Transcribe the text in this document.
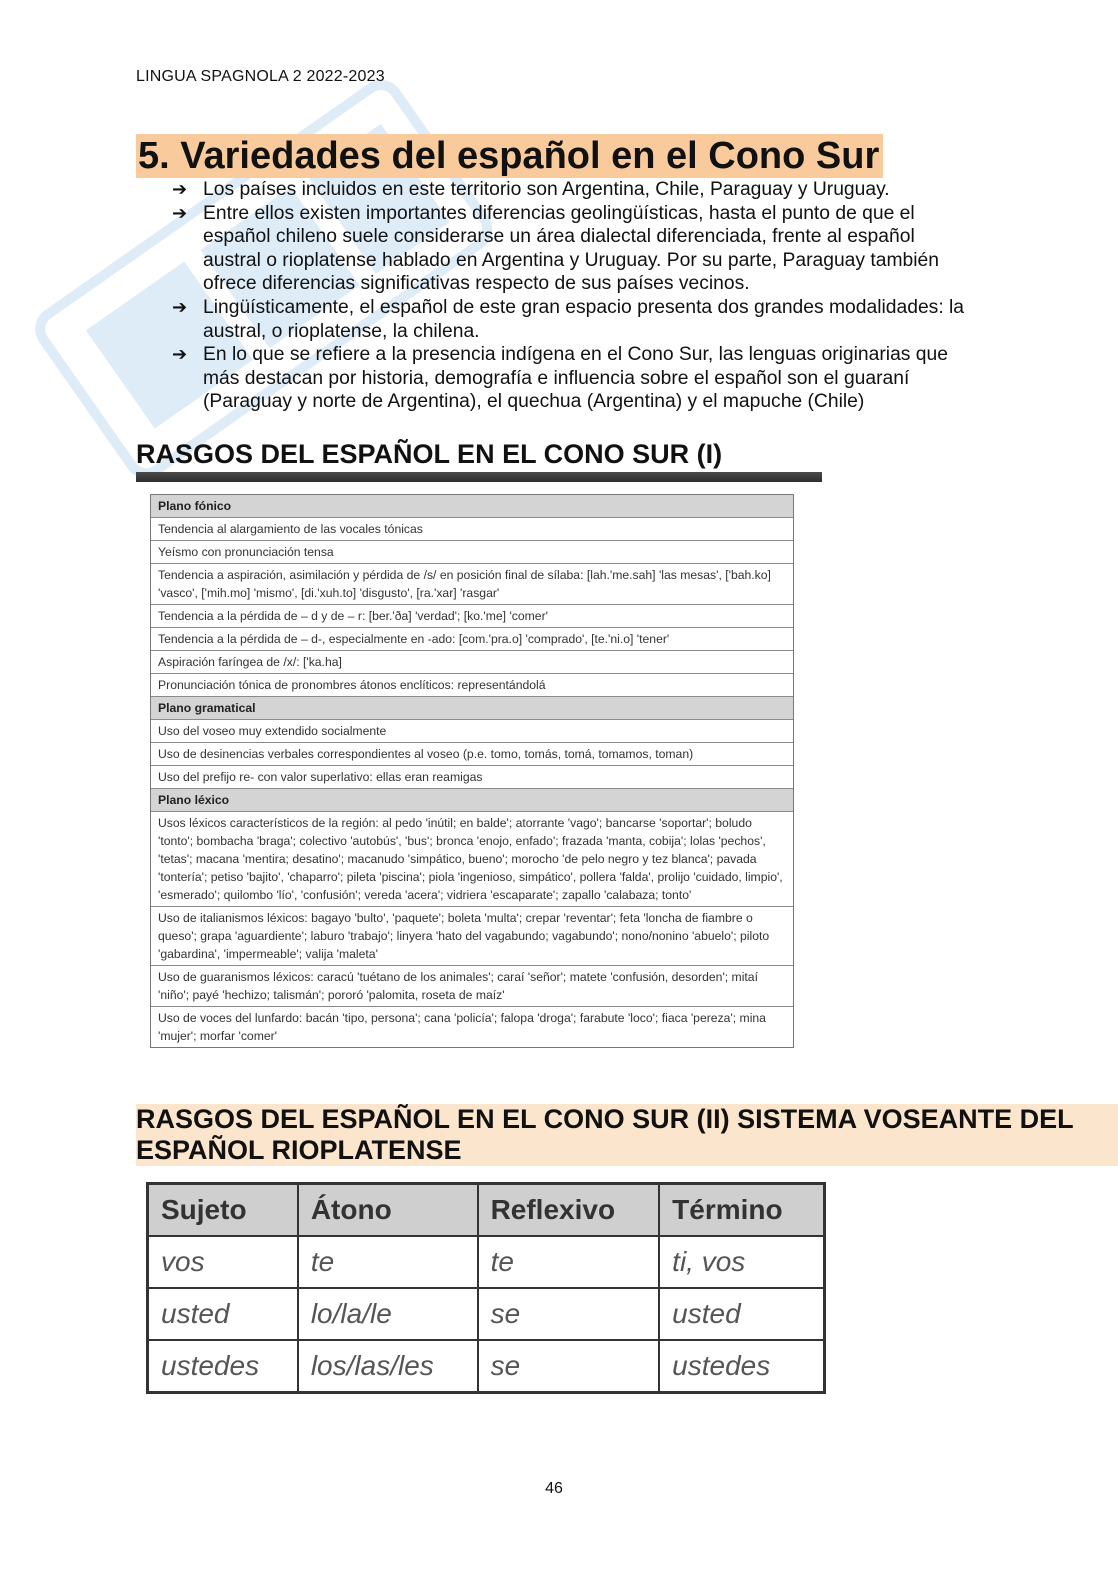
LINGUA SPAGNOLA 2 2022-2023
5. Variedades del español en el Cono Sur
➔ Los países incluidos en este territorio son Argentina, Chile, Paraguay y Uruguay.
➔ Entre ellos existen importantes diferencias geolingüísticas, hasta el punto de que el español chileno suele considerarse un área dialectal diferenciada, frente al español austral o rioplatense hablado en Argentina y Uruguay. Por su parte, Paraguay también ofrece diferencias significativas respecto de sus países vecinos.
➔ Lingüísticamente, el español de este gran espacio presenta dos grandes modalidades: la austral, o rioplatense, la chilena.
➔ En lo que se refiere a la presencia indígena en el Cono Sur, las lenguas originarias que más destacan por historia, demografía e influencia sobre el español son el guaraní (Paraguay y norte de Argentina), el quechua (Argentina) y el mapuche (Chile)
RASGOS DEL ESPAÑOL EN EL CONO SUR (I)
Plano fónico
Tendencia al alargamiento de las vocales tónicas
Yeísmo con pronunciación tensa
Tendencia a aspiración, asimilación y pérdida de /s/ en posición final de sílaba: [lah.'me.sah] 'las mesas', ['bah.ko] 'vasco', ['mih.mo] 'mismo', [di.'xuh.to] 'disgusto', [ra.'xar] 'rasgar'
Tendencia a la pérdida de – d y de – r: [ber.'ða] 'verdad'; [ko.'me] 'comer'
Tendencia a la pérdida de – d-, especialmente en -ado: [com.'pra.o] 'comprado', [te.'ni.o] 'tener'
Aspiración faríngea de /x/: ['ka.ha]
Pronunciación tónica de pronombres átonos enclíticos: representándolá
Plano gramatical
Uso del voseo muy extendido socialmente
Uso de desinencias verbales correspondientes al voseo (p.e. tomo, tomás, tomá, tomamos, toman)
Uso del prefijo re- con valor superlativo: ellas eran reamigas
Plano léxico
Usos léxicos característicos de la región: al pedo 'inútil; en balde'; atorrante 'vago'; bancarse 'soportar'; boludo 'tonto'; bombacha 'braga'; colectivo 'autobús', 'bus'; bronca 'enojo, enfado'; frazada 'manta, cobija'; lolas 'pechos', 'tetas'; macana 'mentira; desatino'; macanudo 'simpático, bueno'; morocho 'de pelo negro y tez blanca'; pavada 'tontería'; petiso 'bajito', 'chaparro'; pileta 'piscina'; piola 'ingenioso, simpático', pollera 'falda', prolijo 'cuidado, limpio', 'esmerado'; quilombo 'lío', 'confusión'; vereda 'acera'; vidriera 'escaparate'; zapallo 'calabaza; tonto'
Uso de italianismos léxicos: bagayo 'bulto', 'paquete'; boleta 'multa'; crepar 'reventar'; feta 'loncha de fiambre o queso'; grapa 'aguardiente'; laburo 'trabajo'; linyera 'hato del vagabundo; vagabundo'; nono/nonino 'abuelo'; piloto 'gabardina', 'impermeable'; valija 'maleta'
Uso de guaranismos léxicos: caracú 'tuétano de los animales'; caraí 'señor'; matete 'confusión, desorden'; mitaí 'niño'; payé 'hechizo; talismán'; pororó 'palomita, roseta de maíz'
Uso de voces del lunfardo: bacán 'tipo, persona'; cana 'policía'; falopa 'droga'; farabute 'loco'; fiaca 'pereza'; mina 'mujer'; morfar 'comer'
RASGOS DEL ESPAÑOL EN EL CONO SUR (II) SISTEMA VOSEANTE DEL ESPAÑOL RIOPLATENSE
Sujeto	Átono	Reflexivo	Término
vos	te	te	ti, vos
usted	lo/la/le	se	usted
ustedes	los/las/les	se	ustedes
46
